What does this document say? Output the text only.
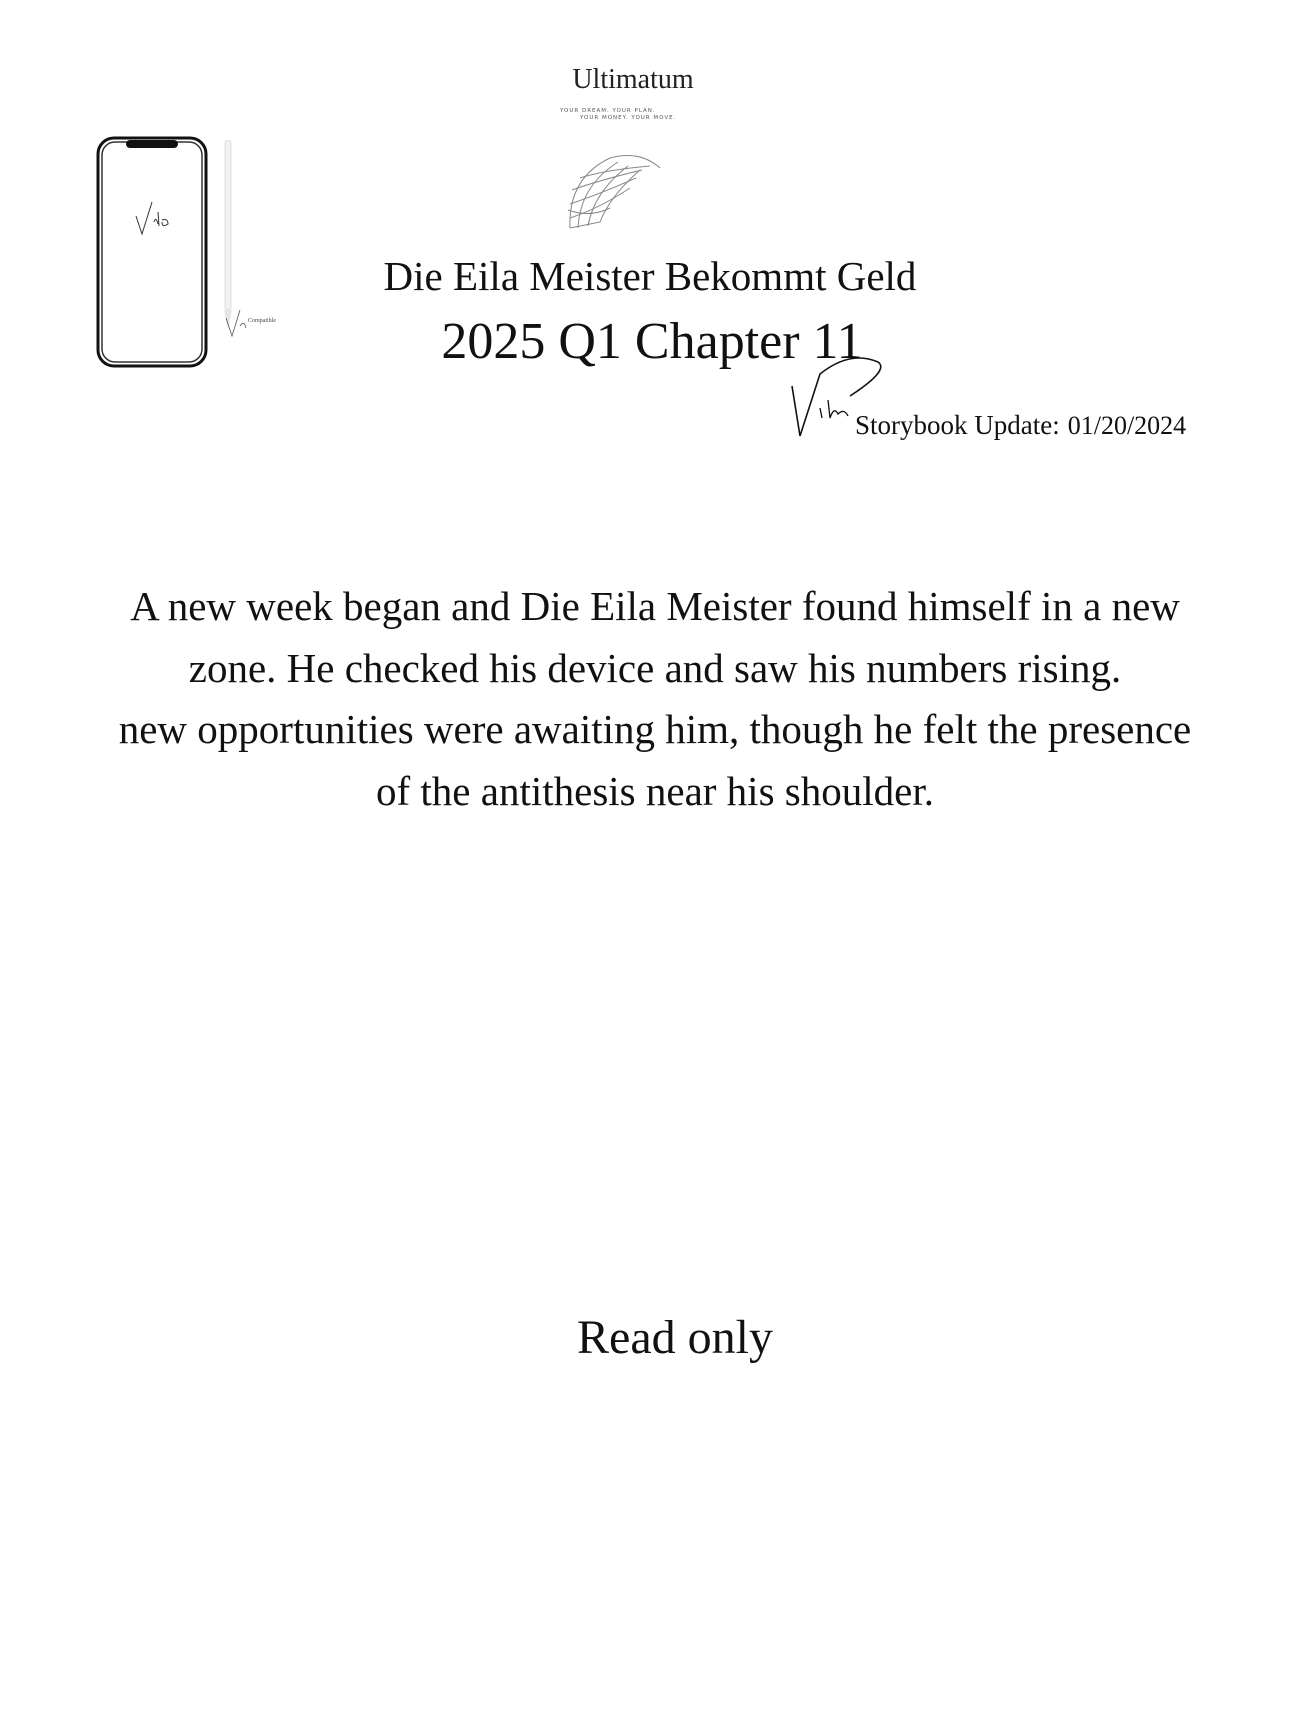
Ultimatum
YOUR DREAM. YOUR PLAN.
YOUR MONEY. YOUR MOVE.
Compatible
Die Eila Meister Bekommt Geld
2025 Q1 Chapter 11
Storybook Update: 01/20/2024
A new week began and Die Eila Meister found himself in a new
zone. He checked his device and saw his numbers rising.
new opportunities were awaiting him, though he felt the presence
of the antithesis near his shoulder.
Read only
